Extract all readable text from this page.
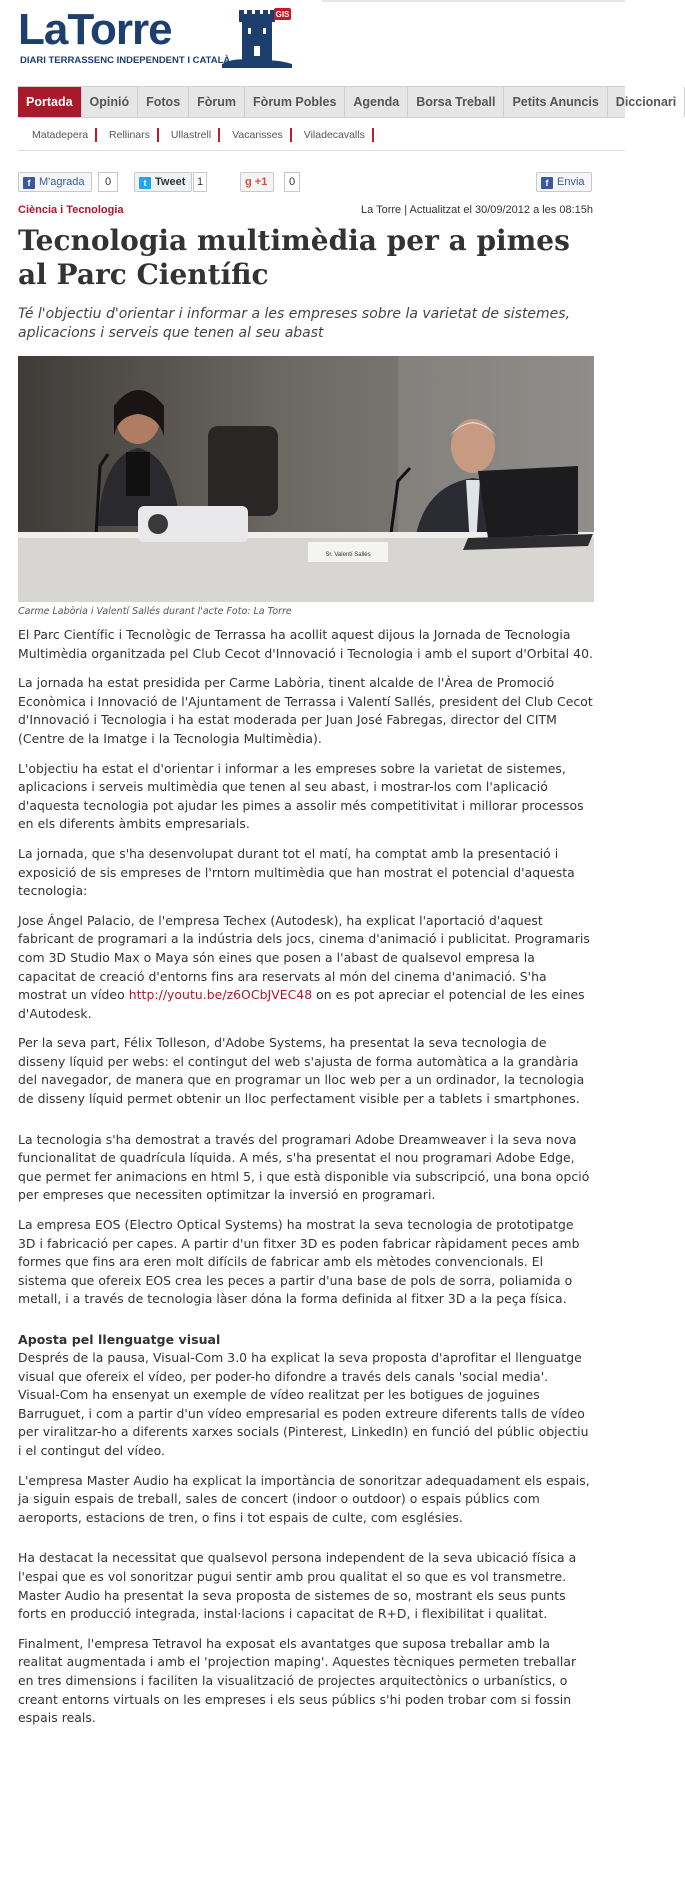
LaTorre	GIS
DIARI TERRASSENC INDEPENDENT I CATALÀ
Portada	Opinió	Fotos	Fòrum	Fòrum Pobles	Agenda	Borsa Treball	Petits Anuncis	Diccionari
Matadepera	Rellinars	Ullastrell	Vacarisses	Viladecavalls
f M'agrada	0	t Tweet	1	g +1	0	f Envia
Ciència i Tecnologia	La Torre | Actualitzat el 30/09/2012 a les 08:15h
Tecnologia multimèdia per a pimes al Parc Científic

Té l'objectiu d'orientar i informar a les empreses sobre la varietat de sistemes, aplicacions i serveis que tenen al seu abast

Sr. Valentí Sallés
Carme Labòria i Valentí Sallés durant l'acte Foto: La Torre

El Parc Científic i Tecnològic de Terrassa ha acollit aquest dijous la Jornada de Tecnologia Multimèdia organitzada pel Club Cecot d'Innovació i Tecnologia i amb el suport d'Orbital 40.

La jornada ha estat presidida per Carme Labòria, tinent alcalde de l'Àrea de Promoció Econòmica i Innovació de l'Ajuntament de Terrassa i Valentí Sallés, president del Club Cecot d'Innovació i Tecnologia i ha estat moderada per Juan José Fabregas, director del CITM (Centre de la Imatge i la Tecnologia Multimèdia).

L'objectiu ha estat el d'orientar i informar a les empreses sobre la varietat de sistemes, aplicacions i serveis multimèdia que tenen al seu abast, i mostrar-los com l'aplicació d'aquesta tecnologia pot ajudar les pimes a assolir més competitivitat i millorar processos en els diferents àmbits empresarials.

La jornada, que s'ha desenvolupat durant tot el matí, ha comptat amb la presentació i exposició de sis empreses de l'rntorn multimèdia que han mostrat el potencial d'aquesta tecnologia:

Jose Ángel Palacio, de l'empresa Techex (Autodesk), ha explicat l'aportació d'aquest fabricant de programari a la indústria dels jocs, cinema d'animació i publicitat. Programaris com 3D Studio Max o Maya són eines que posen a l'abast de qualsevol empresa la capacitat de creació d'entorns fins ara reservats al món del cinema d'animació. S'ha mostrat un vídeo http://youtu.be/z6OCbJVEC48 on es pot apreciar el potencial de les eines d'Autodesk.

Per la seva part, Félix Tolleson, d'Adobe Systems, ha presentat la seva tecnologia de disseny líquid per webs: el contingut del web s'ajusta de forma automàtica a la grandària del navegador, de manera que en programar un lloc web per a un ordinador, la tecnologia de disseny líquid permet obtenir un lloc perfectament visible per a tablets i smartphones.

La tecnologia s'ha demostrat a través del programari Adobe Dreamweaver i la seva nova funcionalitat de quadrícula líquida. A més, s'ha presentat el nou programari Adobe Edge, que permet fer animacions en html 5, i que està disponible via subscripció, una bona opció per empreses que necessiten optimitzar la inversió en programari.

La empresa EOS (Electro Optical Systems) ha mostrat la seva tecnologia de prototipatge 3D i fabricació per capes. A partir d'un fitxer 3D es poden fabricar ràpidament peces amb formes que fins ara eren molt difícils de fabricar amb els mètodes convencionals. El sistema que ofereix EOS crea les peces a partir d'una base de pols de sorra, poliamida o metall, i a través de tecnologia làser dóna la forma definida al fitxer 3D a la peça física.

Aposta pel llenguatge visual

Després de la pausa, Visual-Com 3.0 ha explicat la seva proposta d'aprofitar el llenguatge visual que ofereix el vídeo, per poder-ho difondre a través dels canals 'social media'. Visual-Com ha ensenyat un exemple de vídeo realitzat per les botigues de joguines Barruguet, i com a partir d'un vídeo empresarial es poden extreure diferents talls de vídeo per viralitzar-ho a diferents xarxes socials (Pinterest, LinkedIn) en funció del públic objectiu i el contingut del vídeo.

L'empresa Master Audio ha explicat la importància de sonoritzar adequadament els espais, ja siguin espais de treball, sales de concert (indoor o outdoor) o espais públics com aeroports, estacions de tren, o fins i tot espais de culte, com esglésies.

Ha destacat la necessitat que qualsevol persona independent de la seva ubicació física a l'espai que es vol sonoritzar pugui sentir amb prou qualitat el so que es vol transmetre. Master Audio ha presentat la seva proposta de sistemes de so, mostrant els seus punts forts en producció integrada, instal·lacions i capacitat de R+D, i flexibilitat i qualitat.

Finalment, l'empresa Tetravol ha exposat els avantatges que suposa treballar amb la realitat augmentada i amb el 'projection maping'. Aquestes tècniques permeten treballar en tres dimensions i faciliten la visualització de projectes arquitectònics o urbanístics, o creant entorns virtuals on les empreses i els seus públics s'hi poden trobar com si fossin espais reals.
